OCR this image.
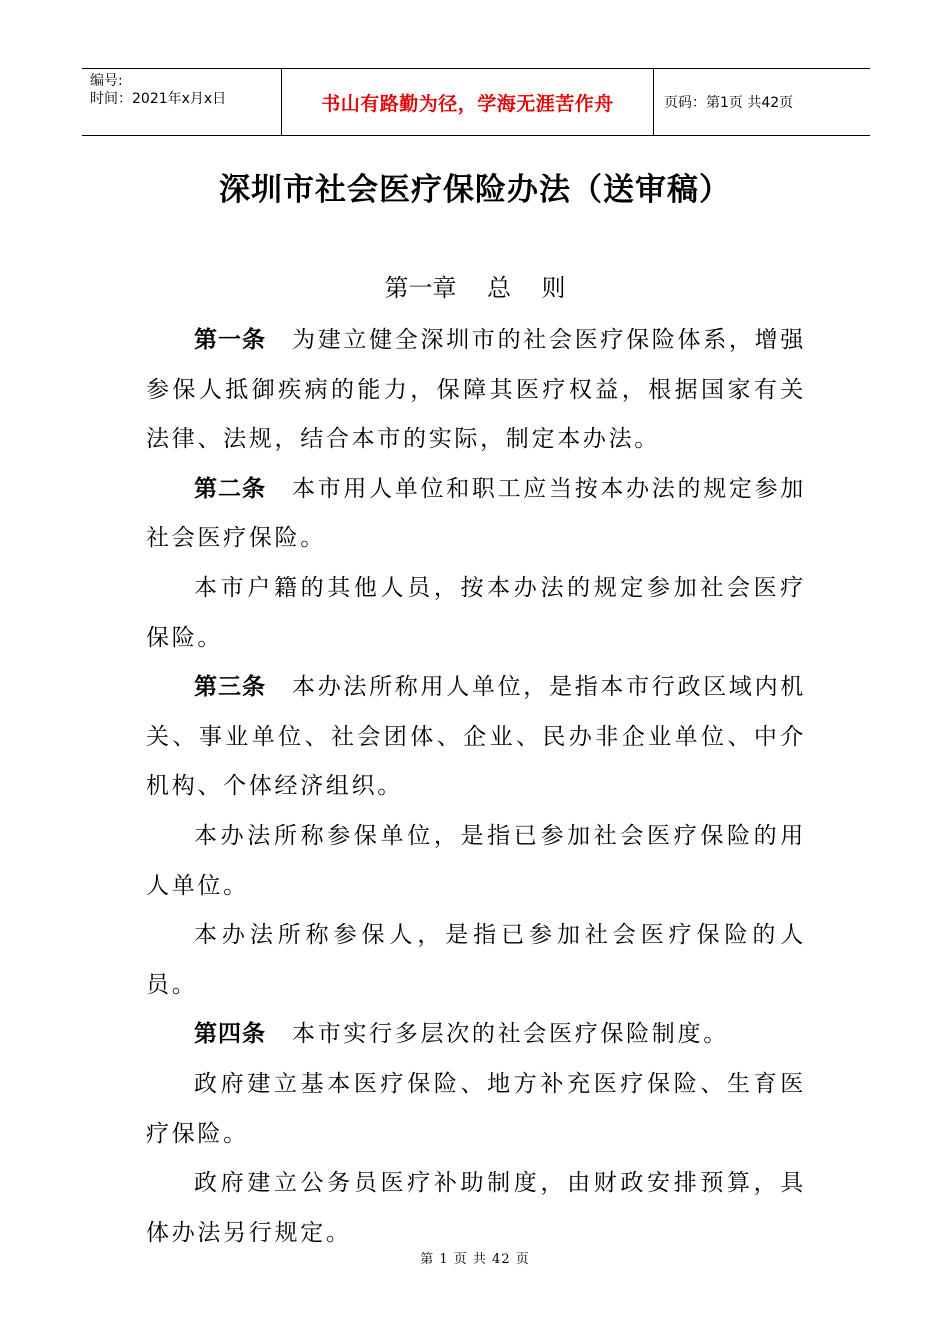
编号:
时间：2021年x月x日	书山有路勤为径，学海无涯苦作舟	页码：第1页 共42页
深圳市社会医疗保险办法（送审稿）
第一章    总    则

第一条 为建立健全深圳市的社会医疗保险体系，增强参保人抵御疾病的能力，保障其医疗权益，根据国家有关法律、法规，结合本市的实际，制定本办法。

第二条 本市用人单位和职工应当按本办法的规定参加社会医疗保险。

本市户籍的其他人员，按本办法的规定参加社会医疗保险。

第三条 本办法所称用人单位，是指本市行政区域内机关、事业单位、社会团体、企业、民办非企业单位、中介机构、个体经济组织。

本办法所称参保单位，是指已参加社会医疗保险的用人单位。

本办法所称参保人，是指已参加社会医疗保险的人员。

第四条 本市实行多层次的社会医疗保险制度。

政府建立基本医疗保险、地方补充医疗保险、生育医疗保险。

政府建立公务员医疗补助制度，由财政安排预算，具体办法另行规定。

第 1 页 共 42 页
